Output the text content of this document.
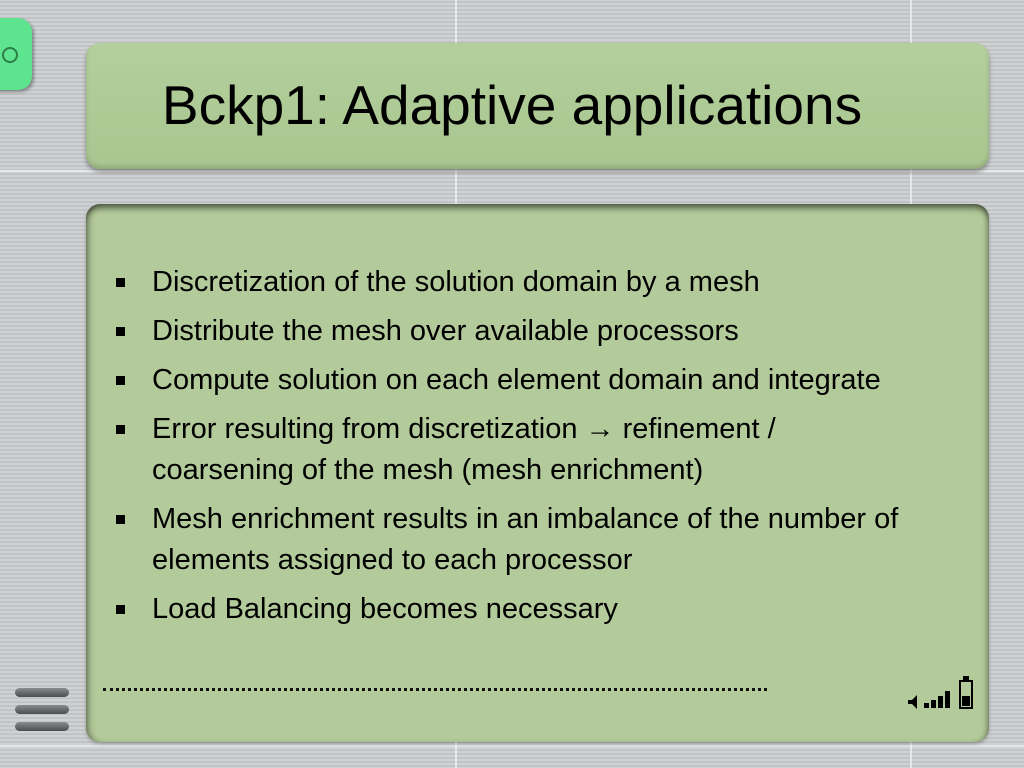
Bckp1: Adaptive applications
Discretization of the solution domain by a mesh
Distribute the mesh over available processors
Compute solution on each element domain and integrate
Error resulting from discretization → refinement / coarsening of the mesh (mesh enrichment)
Mesh enrichment results in an imbalance of the number of elements assigned to each processor
Load Balancing becomes necessary
